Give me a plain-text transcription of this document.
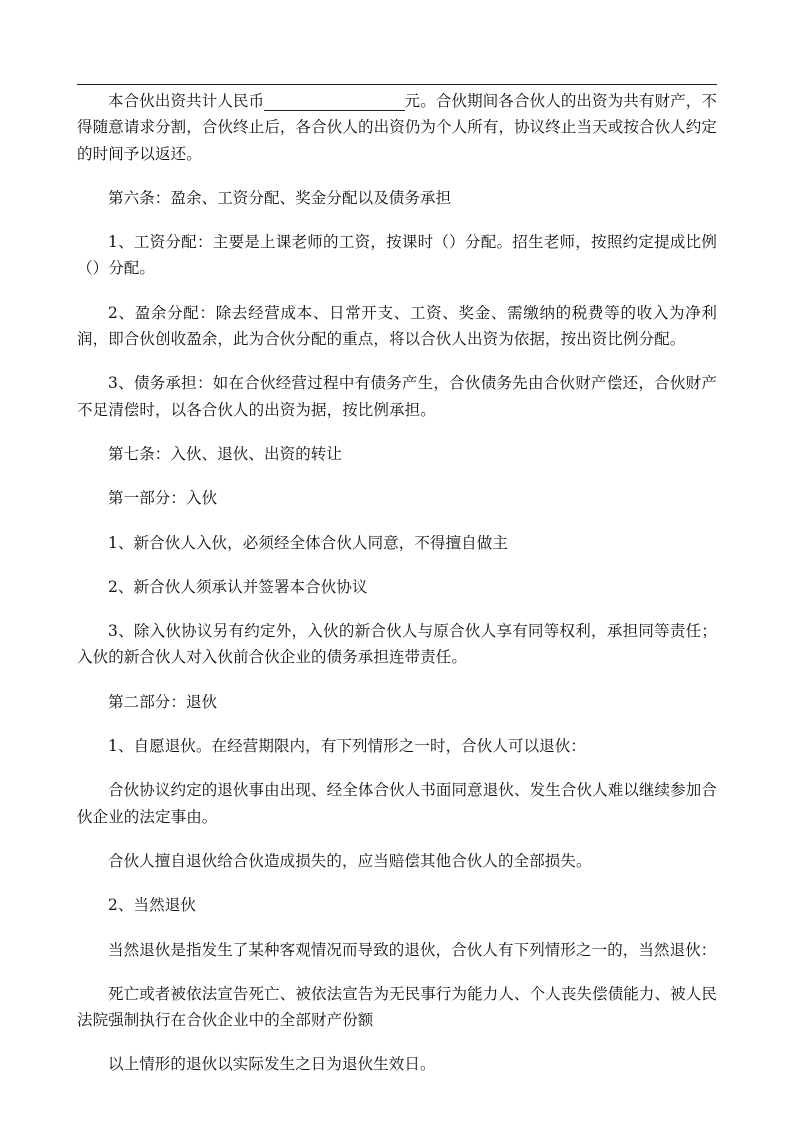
本合伙出资共计人民币　　　　　　　　　	元。合伙期间各合伙人的出资为共有财产，不得随意请求分割，合伙终止后，各合伙人的出资仍为个人所有，协议终止当天或按合伙人约定的时间予以返还。

第六条：盈余、工资分配、奖金分配以及债务承担

1、工资分配：主要是上课老师的工资，按课时（）分配。招生老师，按照约定提成比例（）分配。

2、盈余分配：除去经营成本、日常开支、工资、奖金、需缴纳的税费等的收入为净利润，即合伙创收盈余，此为合伙分配的重点，将以合伙人出资为依据，按出资比例分配。

3、债务承担：如在合伙经营过程中有债务产生，合伙债务先由合伙财产偿还，合伙财产不足清偿时，以各合伙人的出资为据，按比例承担。

第七条：入伙、退伙、出资的转让

第一部分：入伙

1、新合伙人入伙，必须经全体合伙人同意，不得擅自做主

2、新合伙人须承认并签署本合伙协议

3、除入伙协议另有约定外，入伙的新合伙人与原合伙人享有同等权利，承担同等责任；入伙的新合伙人对入伙前合伙企业的债务承担连带责任。

第二部分：退伙

1、自愿退伙。在经营期限内，有下列情形之一时，合伙人可以退伙：

合伙协议约定的退伙事由出现、经全体合伙人书面同意退伙、发生合伙人难以继续参加合伙企业的法定事由。

合伙人擅自退伙给合伙造成损失的，应当赔偿其他合伙人的全部损失。

2、当然退伙

当然退伙是指发生了某种客观情况而导致的退伙，合伙人有下列情形之一的，当然退伙：

死亡或者被依法宣告死亡、被依法宣告为无民事行为能力人、个人丧失偿债能力、被人民法院强制执行在合伙企业中的全部财产份额

以上情形的退伙以实际发生之日为退伙生效日。
